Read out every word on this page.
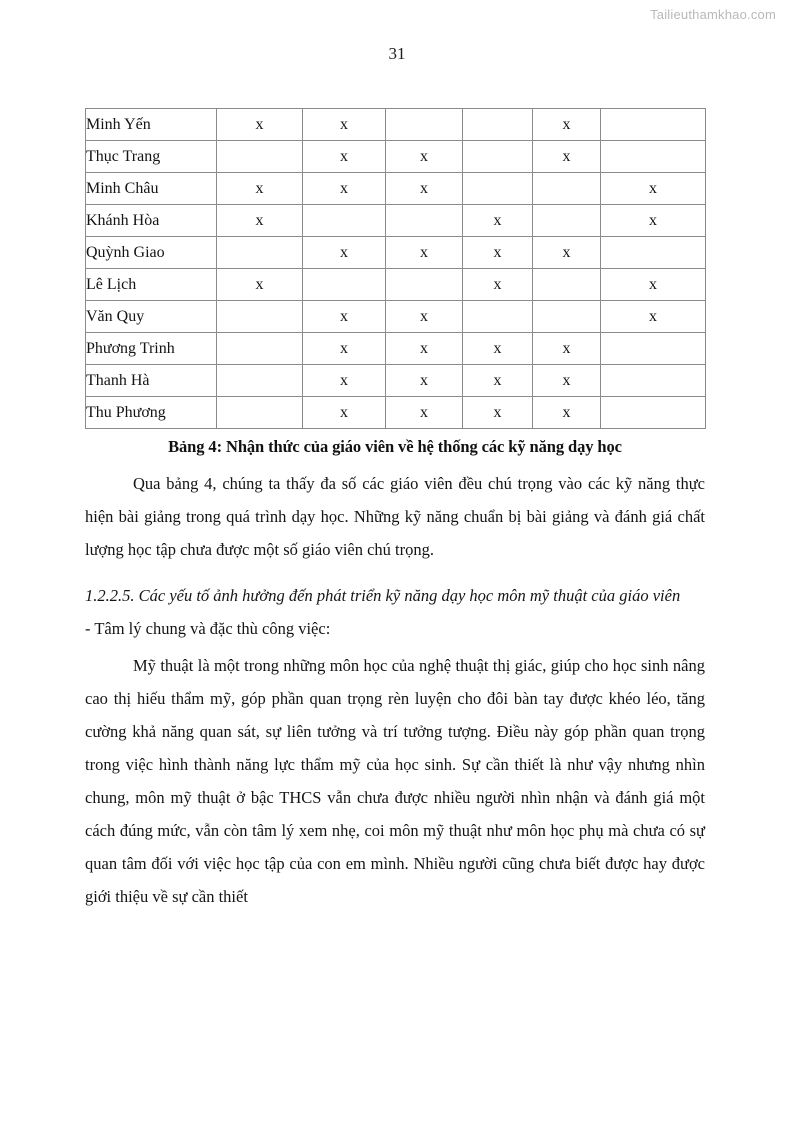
Tailieuthamkhao.com
31
Minh Yến	x	x			x	
Thục Trang		x	x		x	
Minh Châu	x	x	x			x
Khánh Hòa	x			x		x
Quỳnh Giao		x	x	x	x	
Lê Lịch	x			x		x
Văn Quy		x	x			x
Phương Trinh		x	x	x	x	
Thanh Hà		x	x	x	x	
Thu Phương		x	x	x	x	
Bảng 4: Nhận thức của giáo viên về hệ thống các kỹ năng dạy học

Qua bảng 4, chúng ta thấy đa số các giáo viên đều chú trọng vào các kỹ năng thực hiện bài giảng trong quá trình dạy học. Những kỹ năng chuẩn bị bài giảng và đánh giá chất lượng học tập chưa được một số giáo viên chú trọng.

1.2.2.5. Các yếu tố ảnh hưởng đến phát triển kỹ năng dạy học môn mỹ thuật của giáo viên

- Tâm lý chung và đặc thù công việc:

Mỹ thuật là một trong những môn học của nghệ thuật thị giác, giúp cho học sinh nâng cao thị hiếu thẩm mỹ, góp phần quan trọng rèn luyện cho đôi bàn tay được khéo léo, tăng cường khả năng quan sát, sự liên tưởng và trí tưởng tượng. Điều này góp phần quan trọng trong việc hình thành năng lực thẩm mỹ của học sinh. Sự cần thiết là như vậy nhưng nhìn chung, môn mỹ thuật ở bậc THCS vẫn chưa được nhiều người nhìn nhận và đánh giá một cách đúng mức, vẫn còn tâm lý xem nhẹ, coi môn mỹ thuật như môn học phụ mà chưa có sự quan tâm đối với việc học tập của con em mình. Nhiều người cũng chưa biết được hay được giới thiệu về sự cần thiết
